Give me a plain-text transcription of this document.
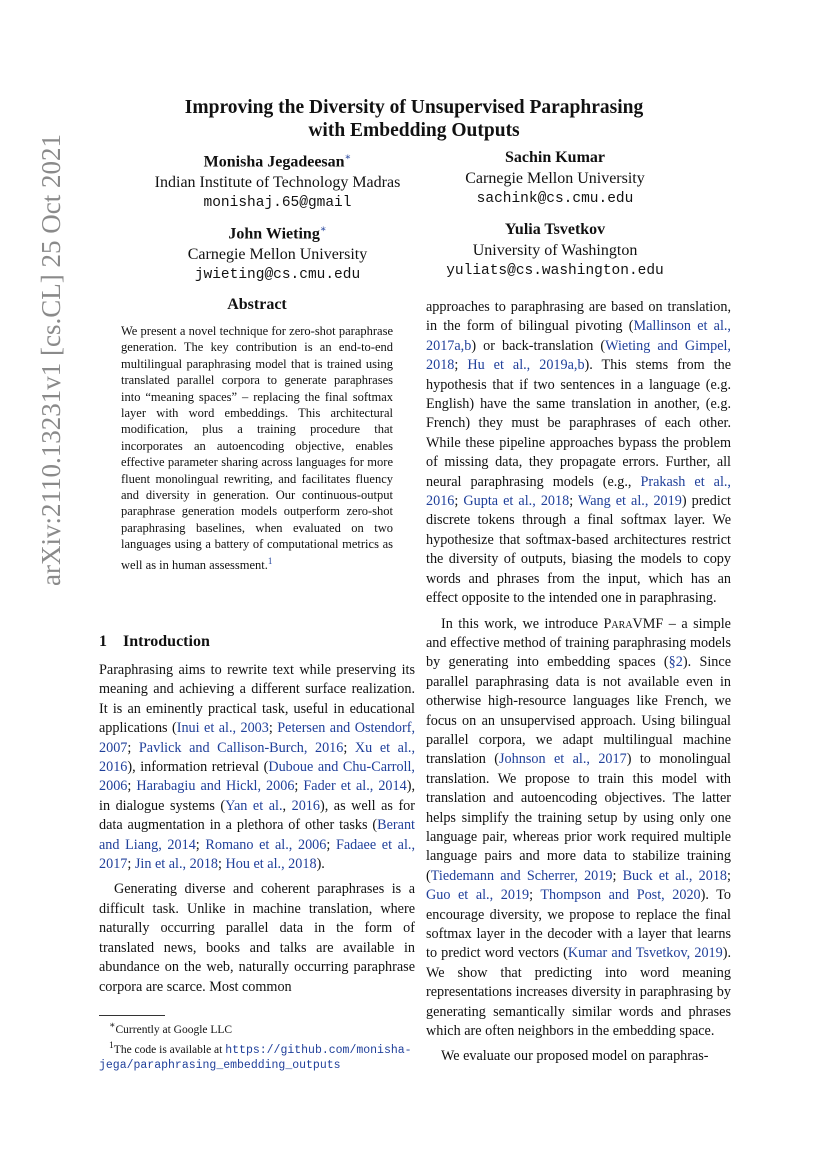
arXiv:2110.13231v1 [cs.CL] 25 Oct 2021
Improving the Diversity of Unsupervised Paraphrasing
with Embedding Outputs
Monisha Jegadeesan∗
Indian Institute of Technology Madras
monishaj.65@gmail
Sachin Kumar
Carnegie Mellon University
sachink@cs.cmu.edu
John Wieting∗
Carnegie Mellon University
jwieting@cs.cmu.edu
Yulia Tsvetkov
University of Washington
yuliats@cs.washington.edu
Abstract
We present a novel technique for zero-shot paraphrase generation. The key contribution is an end-to-end multilingual paraphrasing model that is trained using translated parallel corpora to generate paraphrases into “meaning spaces” – replacing the final softmax layer with word embeddings. This architectural modification, plus a training procedure that incorporates an autoencoding objective, enables effective parameter sharing across languages for more fluent monolingual rewriting, and facilitates fluency and diversity in generation. Our continuous-output paraphrase generation models outperform zero-shot paraphrasing baselines, when evaluated on two languages using a battery of computational metrics as well as in human assessment.$^1$
1 Introduction

Paraphrasing aims to rewrite text while preserving its meaning and achieving a different surface realization. It is an eminently practical task, useful in educational applications (Inui et al., 2003; Petersen and Ostendorf, 2007; Pavlick and Callison-Burch, 2016; Xu et al., 2016), information retrieval (Duboue and Chu-Carroll, 2006; Harabagiu and Hickl, 2006; Fader et al., 2014), in dialogue systems (Yan et al., 2016), as well as for data augmentation in a plethora of other tasks (Berant and Liang, 2014; Romano et al., 2006; Fadaee et al., 2017; Jin et al., 2018; Hou et al., 2018).

Generating diverse and coherent paraphrases is a difficult task. Unlike in machine translation, where naturally occurring parallel data in the form of translated news, books and talks are available in abundance on the web, naturally occurring paraphrase corpora are scarce. Most common

∗Currently at Google LLC

$^1$The code is available at https://github.com/monisha-jega/paraphrasing_embedding_outputs

approaches to paraphrasing are based on translation, in the form of bilingual pivoting (Mallinson et al., 2017a,b) or back-translation (Wieting and Gimpel, 2018; Hu et al., 2019a,b). This stems from the hypothesis that if two sentences in a language (e.g. English) have the same translation in another, (e.g. French) they must be paraphrases of each other. While these pipeline approaches bypass the problem of missing data, they propagate errors. Further, all neural paraphrasing models (e.g., Prakash et al., 2016; Gupta et al., 2018; Wang et al., 2019) predict discrete tokens through a final softmax layer. We hypothesize that softmax-based architectures restrict the diversity of outputs, biasing the models to copy words and phrases from the input, which has an effect opposite to the intended one in paraphrasing.

In this work, we introduce ParaVMF – a simple and effective method of training paraphrasing models by generating into embedding spaces (§2). Since parallel paraphrasing data is not available even in otherwise high-resource languages like French, we focus on an unsupervised approach. Using bilingual parallel corpora, we adapt multilingual machine translation (Johnson et al., 2017) to monolingual translation. We propose to train this model with translation and autoencoding objectives. The latter helps simplify the training setup by using only one language pair, whereas prior work required multiple language pairs and more data to stabilize training (Tiedemann and Scherrer, 2019; Buck et al., 2018; Guo et al., 2019; Thompson and Post, 2020). To encourage diversity, we propose to replace the final softmax layer in the decoder with a layer that learns to predict word vectors (Kumar and Tsvetkov, 2019). We show that predicting into word meaning representations increases diversity in paraphrasing by generating semantically similar words and phrases which are often neighbors in the embedding space.

We evaluate our proposed model on paraphras-
